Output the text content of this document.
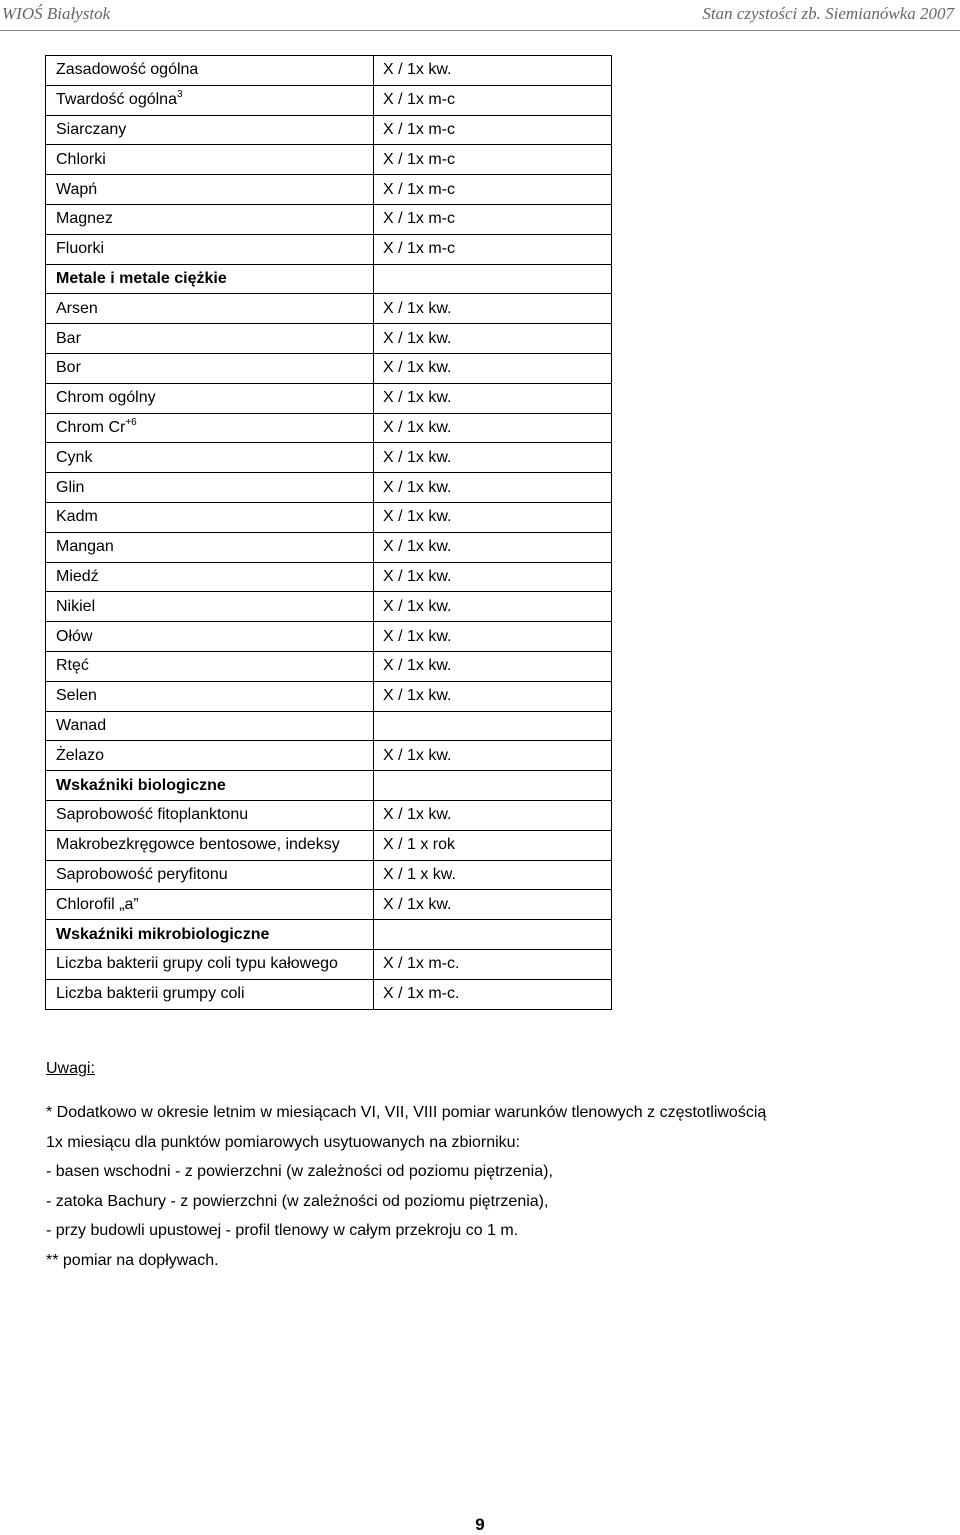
WIOŚ Białystok	Stan czystości zb. Siemianówka 2007
Zasadowość ogólna	X / 1x kw.
Twardość ogólna$^3$	X / 1x m-c
Siarczany	X / 1x m-c
Chlorki	X / 1x m-c
Wapń	X / 1x m-c
Magnez	X / 1x m-c
Fluorki	X / 1x m-c
Metale i metale ciężkie	
Arsen	X / 1x kw.
Bar	X / 1x kw.
Bor	X / 1x kw.
Chrom ogólny	X / 1x kw.
Chrom $Cr^{+6}$	X / 1x kw.
Cynk	X / 1x kw.
Glin	X / 1x kw.
Kadm	X / 1x kw.
Mangan	X / 1x kw.
Miedź	X / 1x kw.
Nikiel	X / 1x kw.
Ołów	X / 1x kw.
Rtęć	X / 1x kw.
Selen	X / 1x kw.
Wanad	
Żelazo	X / 1x kw.
Wskaźniki biologiczne	
Saprobowość fitoplanktonu	X / 1x kw.
Makrobezkręgowce bentosowe, indeksy	X / 1 x rok
Saprobowość peryfitonu	X / 1 x kw.
Chlorofil „a”	X / 1x kw.
Wskaźniki mikrobiologiczne	
Liczba bakterii grupy coli typu kałowego	X / 1x m-c.
Liczba bakterii grumpy coli	X / 1x m-c.
Uwagi:
* Dodatkowo w okresie letnim w miesiącach VI, VII, VIII pomiar warunków tlenowych z częstotliwością
1x miesiącu dla punktów pomiarowych usytuowanych na zbiorniku:
- basen wschodni - z powierzchni (w zależności od poziomu piętrzenia),
- zatoka Bachury - z powierzchni (w zależności od poziomu piętrzenia),
- przy budowli upustowej - profil tlenowy w całym przekroju co 1 m.
** pomiar na dopływach.
9
